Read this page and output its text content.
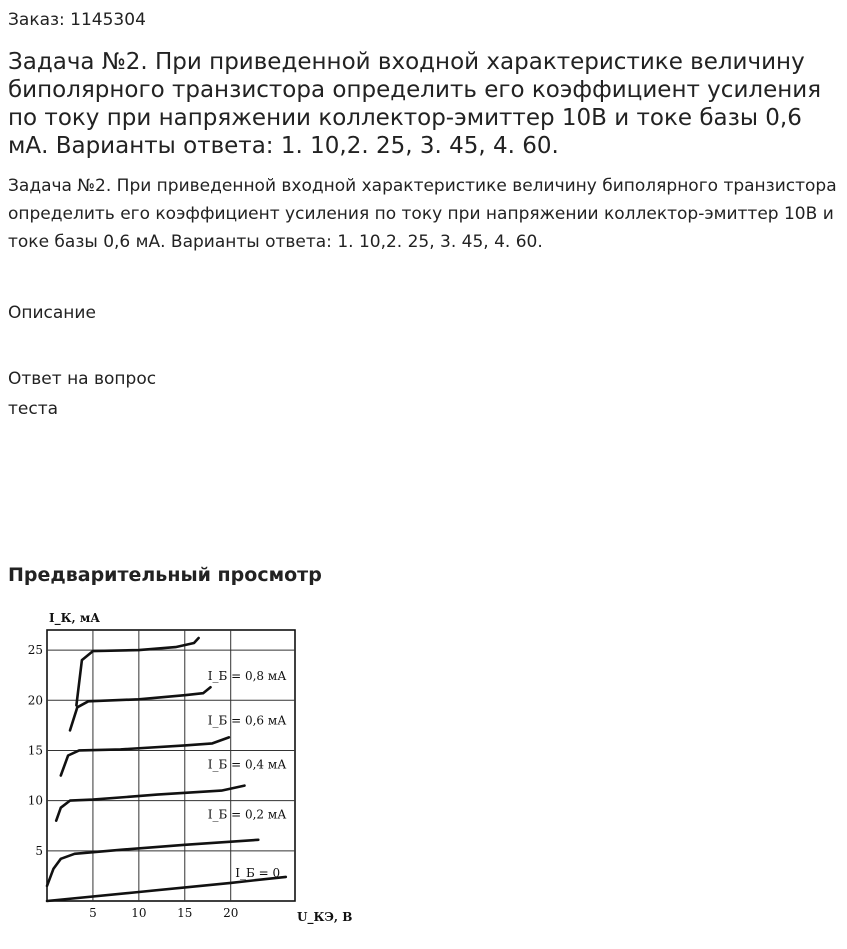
Заказ: 1145304
Задача №2. При приведенной входной характеристике величину биполярного транзистора определить его коэффициент усиления по току при напряжении коллектор-эмиттер 10В и токе базы 0,6 мА. Варианты ответа: 1. 10,2. 25, 3. 45, 4. 60.
Задача №2. При приведенной входной характеристике величину биполярного транзистора определить его коэффициент усиления по току при напряжении коллектор-эмиттер 10В и токе базы 0,6 мА. Варианты ответа: 1. 10,2. 25, 3. 45, 4. 60.
Описание
Ответ на вопрос теста
Предварительный просмотр
5	10	15	20
5
10
15
20
25
I_К, мА
U_КЭ, В
I_Б = 0
I_Б = 0,2 мА
I_Б = 0,4 мА
I_Б = 0,6 мА
I_Б = 0,8 мА
